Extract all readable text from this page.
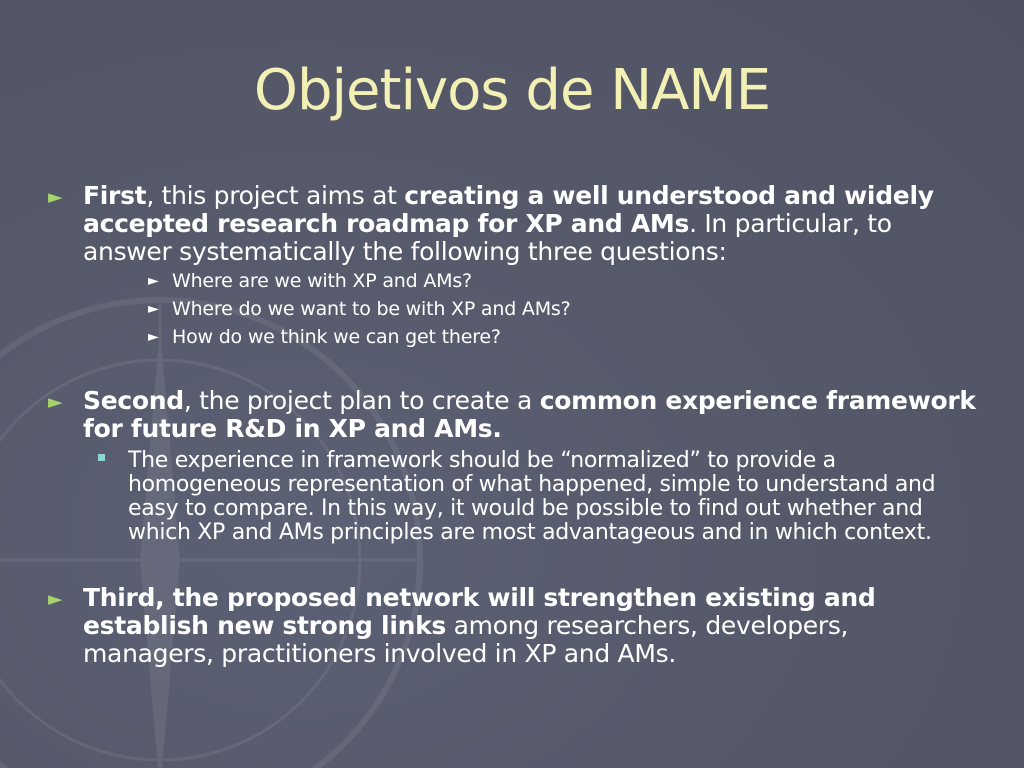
Objetivos de NAME
► First, this project aims at creating a well understood and widely accepted research roadmap for XP and AMs. In particular, to answer systematically the following three questions:
► Where are we with XP and AMs?
► Where do we want to be with XP and AMs?
► How do we think we can get there?
► Second, the project plan to create a common experience framework for future R&D in XP and AMs.
The experience in framework should be “normalized” to provide a homogeneous representation of what happened, simple to understand and easy to compare. In this way, it would be possible to find out whether and which XP and AMs principles are most advantageous and in which context.
► Third, the proposed network will strengthen existing and establish new strong links among researchers, developers, managers, practitioners involved in XP and AMs.
